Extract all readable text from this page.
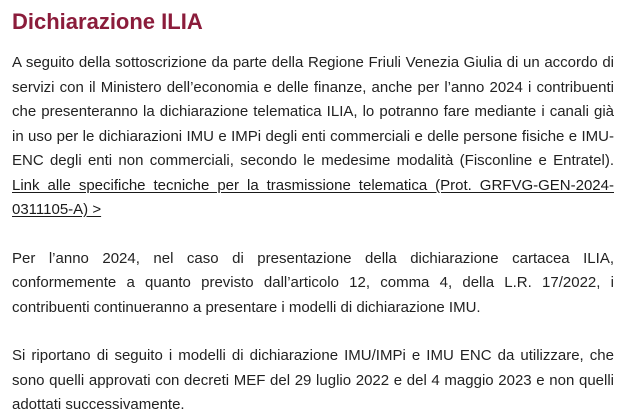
Dichiarazione ILIA

A seguito della sottoscrizione da parte della Regione Friuli Venezia Giulia di un accordo di servizi con il Ministero dell’economia e delle finanze, anche per l’anno 2024 i contribuenti che presenteranno la dichiarazione telematica ILIA, lo potranno fare mediante i canali già in uso per le dichiarazioni IMU e IMPi degli enti commerciali e delle persone fisiche e IMU-ENC degli enti non commerciali, secondo le medesime modalità (Fisconline e Entratel). Link alle specifiche tecniche per la trasmissione telematica (Prot. GRFVG-GEN-2024-0311105-A) >

Per l’anno 2024, nel caso di presentazione della dichiarazione cartacea ILIA, conformemente a quanto previsto dall’articolo 12, comma 4, della L.R. 17/2022, i contribuenti continueranno a presentare i modelli di dichiarazione IMU.

Si riportano di seguito i modelli di dichiarazione IMU/IMPi e IMU ENC da utilizzare, che sono quelli approvati con decreti MEF del 29 luglio 2022 e del 4 maggio 2023 e non quelli adottati successivamente.
